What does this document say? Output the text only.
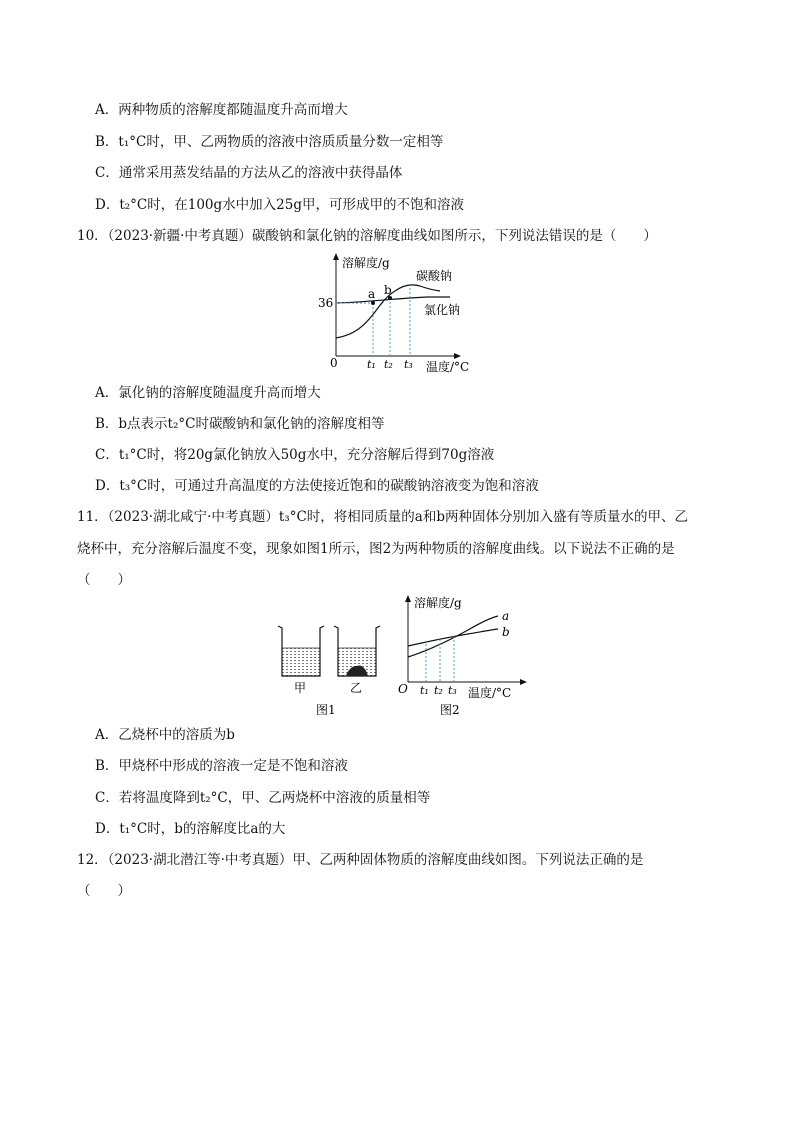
A．两种物质的溶解度都随温度升高而增大
B．t₁°C时，甲、乙两物质的溶液中溶质质量分数一定相等
C．通常采用蒸发结晶的方法从乙的溶液中获得晶体
D．t₂°C时，在100g水中加入25g甲，可形成甲的不饱和溶液
10．（2023·新疆·中考真题）碳酸钠和氯化钠的溶解度曲线如图所示，下列说法错误的是（　　）
溶解度/g
36
0	温度/°C
a b
碳酸钠
氯化钠
t₁ t₂ t₃
A．氯化钠的溶解度随温度升高而增大
B．b点表示t₂°C时碳酸钠和氯化钠的溶解度相等
C．t₁°C时，将20g氯化钠放入50g水中，充分溶解后得到70g溶液
D．t₃°C时，可通过升高温度的方法使接近饱和的碳酸钠溶液变为饱和溶液
11．（2023·湖北咸宁·中考真题）t₃°C时，将相同质量的a和b两种固体分别加入盛有等质量水的甲、乙
烧杯中，充分溶解后温度不变，现象如图1所示，图2为两种物质的溶解度曲线。以下说法不正确的是
（　　）
甲	乙
图1
溶解度/g
O	温度/°C
a
b
t₁ t₂ t₃
图2
A．乙烧杯中的溶质为b
B．甲烧杯中形成的溶液一定是不饱和溶液
C．若将温度降到t₂°C，甲、乙两烧杯中溶液的质量相等
D．t₁°C时，b的溶解度比a的大
12．（2023·湖北潜江等·中考真题）甲、乙两种固体物质的溶解度曲线如图。下列说法正确的是
（　　）
